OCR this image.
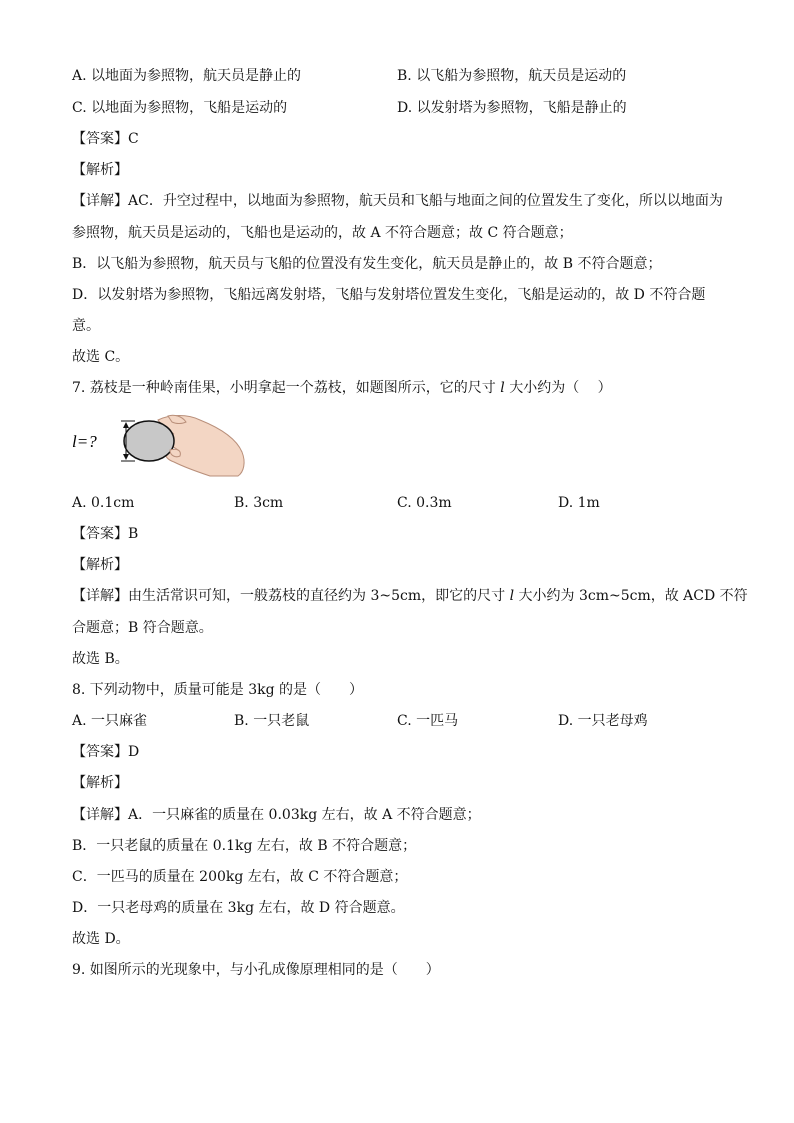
A. 以地面为参照物，航天员是静止的	B. 以飞船为参照物，航天员是运动的
C. 以地面为参照物，飞船是运动的	D. 以发射塔为参照物，飞船是静止的
【答案】C
【解析】
【详解】AC．升空过程中，以地面为参照物，航天员和飞船与地面之间的位置发生了变化，所以以地面为
参照物，航天员是运动的，飞船也是运动的，故 A 不符合题意；故 C 符合题意；
B．以飞船为参照物，航天员与飞船的位置没有发生变化，航天员是静止的，故 B 不符合题意；
D．以发射塔为参照物，飞船远离发射塔，飞船与发射塔位置发生变化，飞船是运动的，故 D 不符合题
意。
故选 C。
7. 荔枝是一种岭南佳果，小明拿起一个荔枝，如题图所示，它的尺寸 l 大小约为（　 ）
l=?
A. 0.1cm	B. 3cm	C. 0.3m	D. 1m
【答案】B
【解析】
【详解】由生活常识可知，一般荔枝的直径约为 3~5cm，即它的尺寸 l 大小约为 3cm~5cm，故 ACD 不符
合题意；B 符合题意。
故选 B。
8. 下列动物中，质量可能是 3kg 的是（　　）
A. 一只麻雀	B. 一只老鼠	C. 一匹马	D. 一只老母鸡
【答案】D
【解析】
【详解】A．一只麻雀的质量在 0.03kg 左右，故 A 不符合题意；
B．一只老鼠的质量在 0.1kg 左右，故 B 不符合题意；
C．一匹马的质量在 200kg 左右，故 C 不符合题意；
D．一只老母鸡的质量在 3kg 左右，故 D 符合题意。
故选 D。
9. 如图所示的光现象中，与小孔成像原理相同的是（　　）
